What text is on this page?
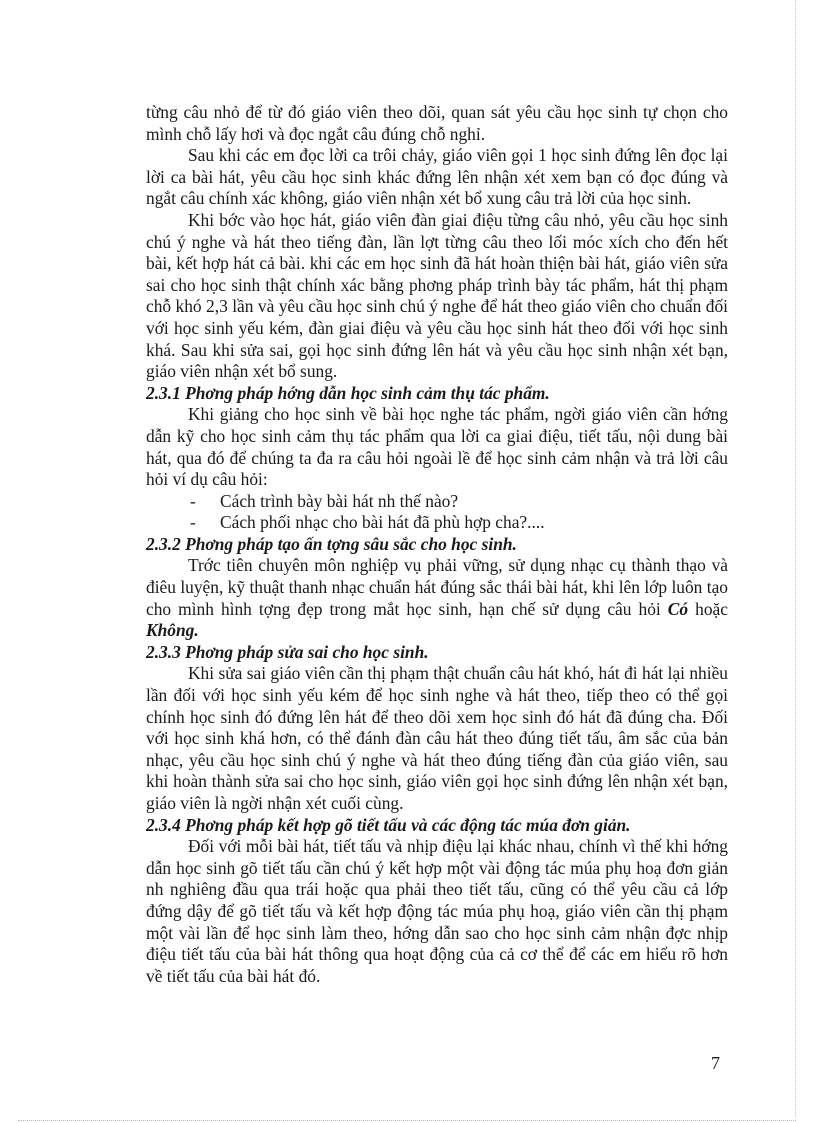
từng câu nhỏ để từ đó giáo viên theo dõi, quan sát yêu cầu học sinh tự chọn cho mình chỗ lấy hơi và đọc ngắt câu đúng chỗ nghỉ.

Sau khi các em đọc lời ca trôi chảy, giáo viên gọi 1 học sinh đứng lên đọc lại lời ca bài hát, yêu cầu học sinh khác đứng lên nhận xét xem bạn có đọc đúng và ngắt câu chính xác không, giáo viên nhận xét bổ xung câu trả lời của học sinh.

Khi bớc vào học hát, giáo viên đàn giai điệu từng câu nhỏ, yêu cầu học sinh chú ý nghe và hát theo tiếng đàn, lần lợt từng câu theo lối móc xích cho đến hết bài, kết hợp hát cả bài. khi các em học sinh đã hát hoàn thiện bài hát, giáo viên sửa sai cho học sinh thật chính xác bằng phơng pháp trình bày tác phẩm, hát thị phạm chỗ khó 2,3 lần và yêu cầu học sinh chú ý nghe để hát theo giáo viên cho chuẩn đối với học sinh yếu kém, đàn giai điệu và yêu cầu học sinh hát theo đối với học sinh khá. Sau khi sửa sai, gọi học sinh đứng lên hát và yêu cầu học sinh nhận xét bạn, giáo viên nhận xét bổ sung.

2.3.1 Phơng pháp hớng dẫn học sinh cảm thụ tác phẩm.

Khi giảng cho học sinh về bài học nghe tác phẩm, ngời giáo viên cần hớng dẫn kỹ cho học sinh cảm thụ tác phẩm qua lời ca giai điệu, tiết tấu, nội dung bài hát, qua đó để chúng ta đa ra câu hỏi ngoài lề để học sinh cảm nhận và trả lời câu hỏi ví dụ câu hỏi:

- Cách trình bày bài hát nh thế nào?

- Cách phối nhạc cho bài hát đã phù hợp cha?....

2.3.2 Phơng pháp tạo ấn tợng sâu sắc cho học sinh.

Trớc tiên chuyên môn nghiệp vụ phải vững, sử dụng nhạc cụ thành thạo và điêu luyện, kỹ thuật thanh nhạc chuẩn hát đúng sắc thái bài hát, khi lên lớp luôn tạo cho mình hình tợng đẹp trong mắt học sinh, hạn chế sử dụng câu hỏi Có hoặc Không.

2.3.3 Phơng pháp sửa sai cho học sinh.

Khi sửa sai giáo viên cần thị phạm thật chuẩn câu hát khó, hát đi hát lại nhiều lần đối với học sinh yếu kém để học sinh nghe và hát theo, tiếp theo có thể gọi chính học sinh đó đứng lên hát để theo dõi xem học sinh đó hát đã đúng cha. Đối với học sinh khá hơn, có thể đánh đàn câu hát theo đúng tiết tấu, âm sắc của bản nhạc, yêu cầu học sinh chú ý nghe và hát theo đúng tiếng đàn của giáo viên, sau khi hoàn thành sửa sai cho học sinh, giáo viên gọi học sinh đứng lên nhận xét bạn, giáo viên là ngời nhận xét cuối cùng.

2.3.4 Phơng pháp kết hợp gõ tiết tấu và các động tác múa đơn giản.

Đối với mỗi bài hát, tiết tấu và nhịp điệu lại khác nhau, chính vì thế khi hớng dẫn học sinh gõ tiết tấu cần chú ý kết hợp một vài động tác múa phụ hoạ đơn giản nh nghiêng đầu qua trái hoặc qua phải theo tiết tấu, cũng có thể yêu cầu cả lớp đứng dậy để gõ tiết tấu và kết hợp động tác múa phụ hoạ, giáo viên cần thị phạm một vài lần để học sinh làm theo, hớng dẫn sao cho học sinh cảm nhận đợc nhịp điệu tiết tấu của bài hát thông qua hoạt động của cả cơ thể để các em hiểu rõ hơn về tiết tấu của bài hát đó.

7
